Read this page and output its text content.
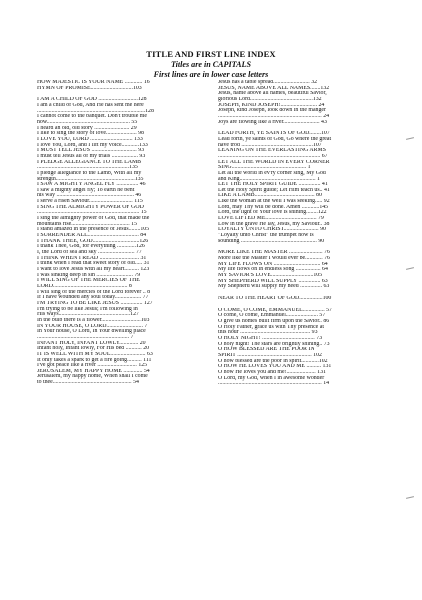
TITLE AND FIRST LINE INDEX
Titles are in CAPITALS
First lines are in lower case letters
HOW MAJESTIC IS YOUR NAME ............ 16
HYMN OF PROMISE.............................103
I AM A CHILD OF GOD ...........................128
I am a child of God, And He has sent me here
..........................................................................128
I cannot come to the banquet. Don't trouble me
now......................................................... 55
I heard an old, old story ........................ 29
I like to sing the story of love..................... 98
I LOVE YOU, LORD ............................. 133
I love You, Lord, and I lift my voice............133
I MUST TELL JESUS ............................... 93
I must tell Jesus all of my trials .................. 93
I PLEDGE ALLEGIANCE TO THE LAMB
...............................................................135
I pledge allegiance to the Lamb, With all my
strength......................................................135
I SAW A MIGHTY ANGEL FLY ............... 46
I saw a mighty angel fly; To earth he bent
his way ..................................................... 46
I serve a risen Saviour.............................. 115
I SING THE ALMIGHTY POWER OF GOD
...................................................................... 15
I sing the almighty power of God, that made the
mountains rise........................................ 15
I stand amazed in the presence of Jesus........105
I SURRENDER ALL................................... 84
I THANK THEE, GOD................................126
I thank Thee, God, for everything .............126
I, the Lord of sea and sky ......................... 77
I THINK WHEN I READ ........................... 31
I think when I read that sweet story of old..... 31
I want to love Jesus with all my heart.......... 123
I was sinking deep in sin ......................... 79
I WILL SING OF THE MERCIES OF THE
LORD................................................... 8
I will sing of the mercies of the Lord forever .. 8
If I have wounded any soul today.................. 77
I'M TRYING TO BE LIKE JESUS ............... 127
I'm trying to be like Jesus; I'm following in
His ways.................................................127
In the bulb there is a flower...........................103
IN YOUR HOUSE, O LORD......................... 7
In Your house, O Lord, In Your dwelling place
............................................................... 7
INFANT HOLY, INFANT LOWLY............. 20
Infant holy, Infant lowly, For His bed ........... 20
IT IS WELL WITH MY SOUL........................ 63
It only takes a spark to get a fire going.......... 111
I've got peace like a river ........................... 125
JERUSALEM, MY HAPPY HOME ............. 54
Jerusalem, my happy home, When shall I come
to thee...................................................... 54
Jesus has a table spread......................... 32
JESUS, NAME ABOVE ALL NAMES.......132
Jesus, name above all names, beautiful Savior,
glorious Lord...........................................132
JOSEPH, KIND JOSEPH!......................... 24
Joseph, kind Joseph, look down in the manger
....................................................................... 24
Joys are flowing like a river......................... 43
LEAD FORTH, YE SAINTS OF GOD........107
Lead forth, ye saints of God, Go where the great
have trod .................................................107
LEANING ON THE EVERLASTING ARMS
...................................................................... 67
LET ALL THE WORLD IN EVERY CORNER
SING................................................... 1
Let all the world in ev'ry corner sing, My God
and King.................................................... 1
LET THE HOLY SPIRIT GUIDE ............... 41
Let the Holy Spirit guide; Let Him teach us.. 41
LIKE A LAMB......................................... 80
Like the woman at the well I was seeking..... 92
Lord, may Thy will be done. Amen ............145
Lord, the light of Your love is shining........122
LOVE LIFTED ME................................... 79
Low in the grave He lay, Jesus, my Saviour.. 38
LOYALTY UNTO CHRIST........................ 90
"Loyalty unto Christ" the trumpet now is
sounding .................................................... 90
MORE LIKE THE MASTER ....................... 76
More like the Master I would ever be............ 76
MY LIFE FLOWS ON ................................ 64
My life flows on in endless song ................. 64
MY SAVIOR'S LOVE.............................105
MY SHEPHERD WILL SUPPLY ............... 63
My Shepherd will supply my need ............... 63
NEAR TO THE HEART OF GOD................100
O COME, O COME, EMMANUEL............... 57
O come, O come, Emmanuel...................... 57
O give us homes built firm upon the Savior.. 86
O Holy Father, grace us with Thy presence at
this hour ................................................ 93
O HOLY NIGHT! .................................... 73
O holy night! The stars are brightly shining.. 73
O HOW BLESSED ARE THE POOR IN
SPIRIT ................................................... 102
O how blessed are the poor in spirit............102
O HOW HE LOVES YOU AND ME .......... 131
O how He loves you and me!.................... 131
O Lord, my God, when I in awesome wonder
....................................................................... 14
